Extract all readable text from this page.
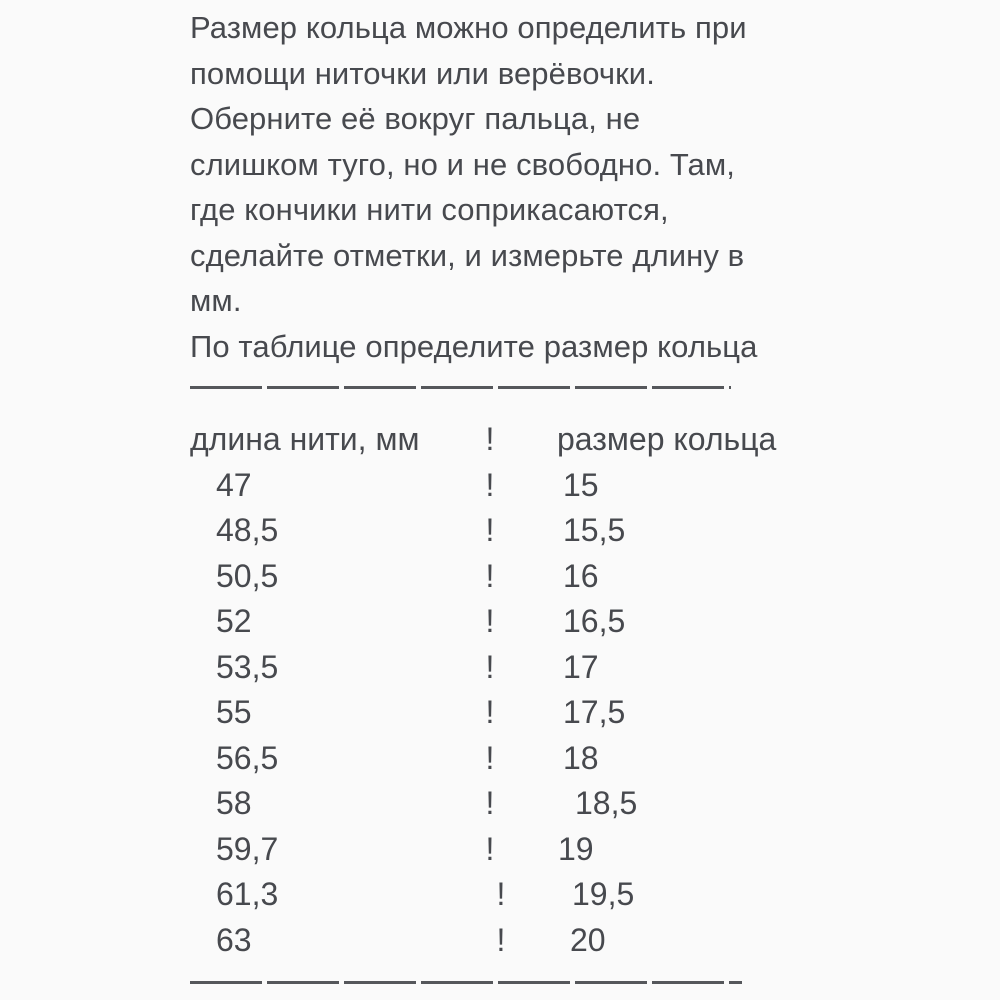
Размер кольца можно определить при

помощи ниточки или верёвочки.

Оберните её вокруг пальца, не

слишком туго, но и не свободно. Там,

где кончики нити соприкасаются,

сделайте отметки, и измерьте длину в

мм.

По таблице определите размер кольца

длина нити, мм	!	размер кольца
47	!	15
48,5	!	15,5
50,5	!	16
52	!	16,5
53,5	!	17
55	!	17,5
56,5	!	18
58	!	18,5
59,7	!	19
61,3	!	19,5
63	!	20
